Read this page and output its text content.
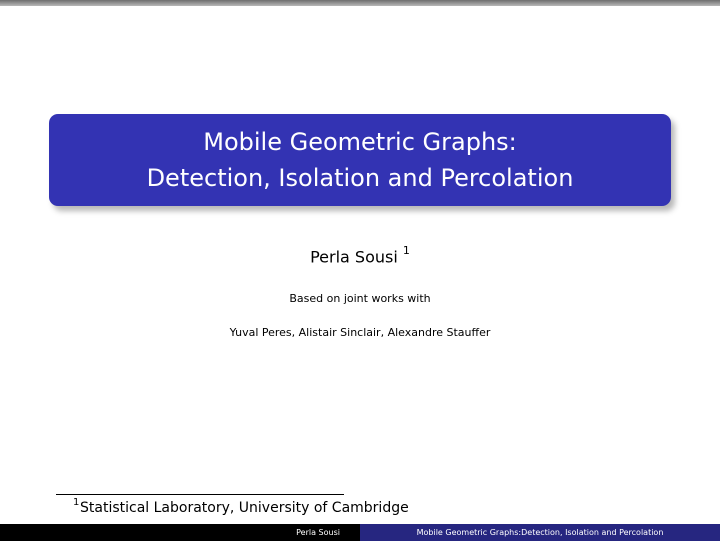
Mobile Geometric Graphs:
Detection, Isolation and Percolation
Perla Sousi $^1$
Based on joint works with
Yuval Peres, Alistair Sinclair, Alexandre Stauffer
1 Statistical Laboratory, University of Cambridge
Perla Sousi	Mobile Geometric Graphs:Detection, Isolation and Percolation
